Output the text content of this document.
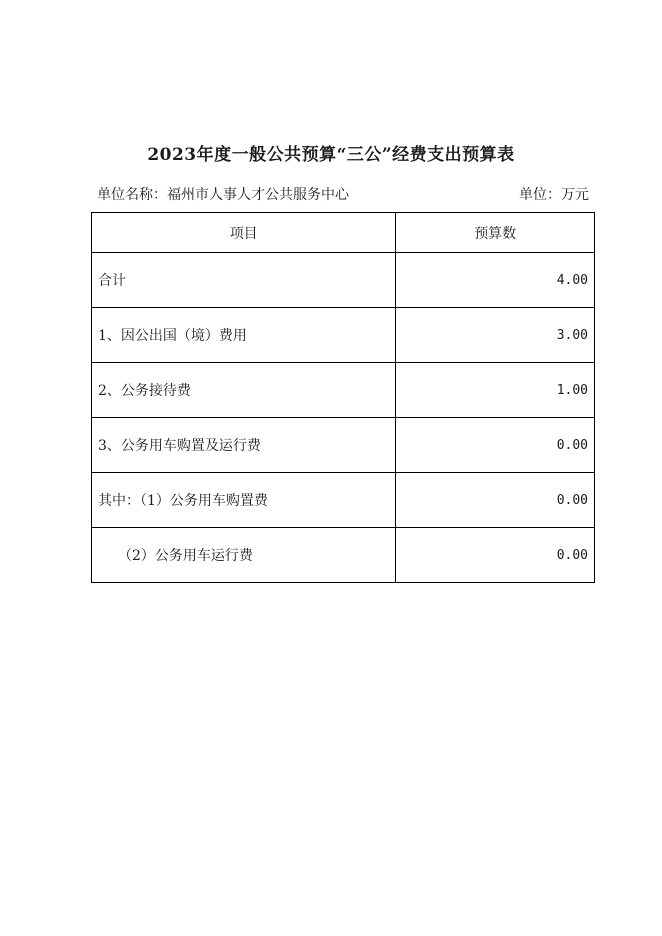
2023年度一般公共预算“三公”经费支出预算表
单位名称：福州市人事人才公共服务中心	单位：万元
项目	预算数
合计	4.00
1、因公出国（境）费用	3.00
2、公务接待费	1.00
3、公务用车购置及运行费	0.00
其中：（1）公务用车购置费	0.00
（2）公务用车运行费	0.00
